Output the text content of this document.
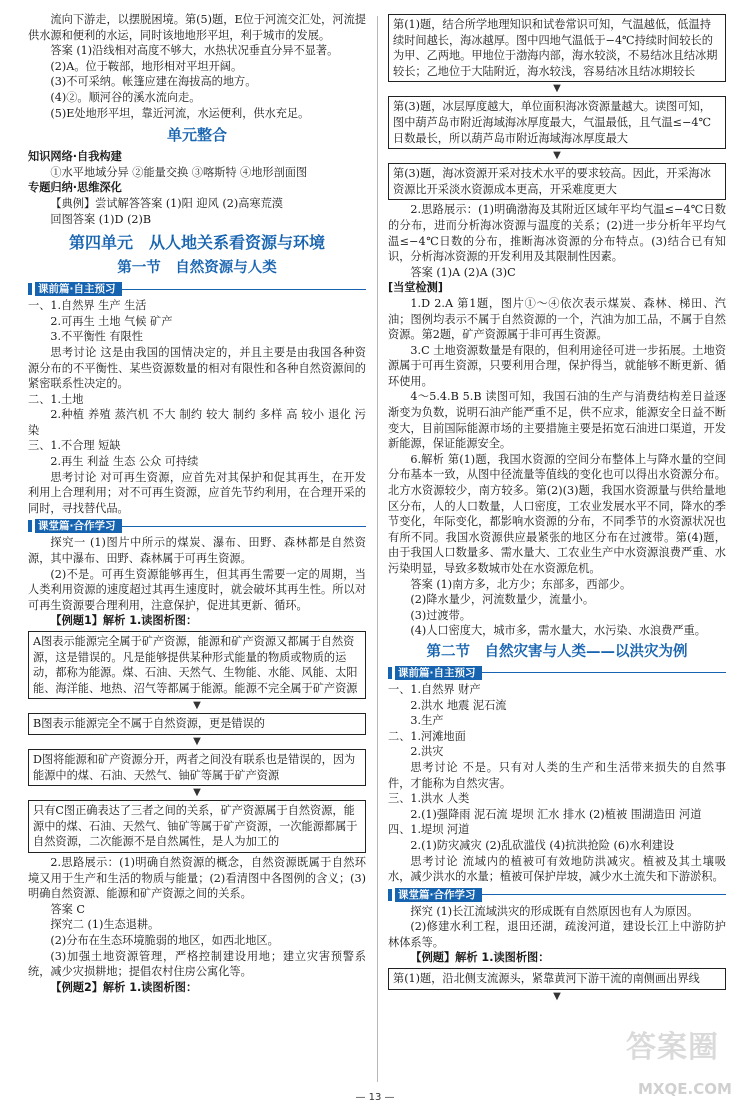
流向下游走，以摆脱困境。第(5)题，E位于河流交汇处，河流提供水源和便利的水运，同时该地地形平坦，利于城市的发展。

答案 (1)沿线相对高度不够大，水热状况垂直分异不显著。

(2)A。位于鞍部，地形相对平坦开阔。

(3)不可采纳。帐篷应建在海拔高的地方。

(4)②。顺河谷的溪水流向走。

(5)E处地形平坦，靠近河流，水运便利，供水充足。

单元整合

知识网络·自我构建

①水平地域分异 ②能量交换 ③喀斯特 ④地形剖面图

专题归纳·思维深化

【典例】尝试解答答案 (1)阳 迎风 (2)高寒荒漠

回图答案 (1)D (2)B

第四单元　从人地关系看资源与环境
第一节　自然资源与人类
课前篇·自主预习

一、1.自然界 生产 生活

2.可再生 土地 气候 矿产

3.不平衡性 有限性

思考讨论 这是由我国的国情决定的，并且主要是由我国各种资源分布的不平衡性、某些资源数量的相对有限性和各种自然资源间的紧密联系性决定的。

二、1.土地

2.种植 养殖 蒸汽机 不大 制约 较大 制约 多样 高 较小 退化 污染

三、1.不合理 短缺

2.再生 利益 生态 公众 可持续

思考讨论 对可再生资源，应首先对其保护和促其再生，在开发利用上合理利用；对不可再生资源，应首先节约利用，在合理开采的同时，寻找替代品。

课堂篇·合作学习

探究一 (1)图片中所示的煤炭、瀑布、田野、森林都是自然资源，其中瀑布、田野、森林属于可再生资源。

(2)不是。可再生资源能够再生，但其再生需要一定的周期，当人类利用资源的速度超过其再生速度时，就会破坏其再生性。所以对可再生资源要合理利用，注意保护，促进其更新、循环。

【例题1】解析 1.读图析图：

A图表示能源完全属于矿产资源，能源和矿产资源又都属于自然资源，这是错误的。凡是能够提供某种形式能量的物质或物质的运动，都称为能源。煤、石油、天然气、生物能、水能、风能、太阳能、海洋能、地热、沼气等都属于能源。能源不完全属于矿产资源
▼
B图表示能源完全不属于自然资源，更是错误的
▼
D图将能源和矿产资源分开，两者之间没有联系也是错误的，因为能源中的煤、石油、天然气、铀矿等属于矿产资源
▼
只有C图正确表达了三者之间的关系，矿产资源属于自然资源，能源中的煤、石油、天然气、铀矿等属于矿产资源，一次能源都属于自然资源，二次能源不是自然属性，是人为加工的

2.思路展示：(1)明确自然资源的概念，自然资源既属于自然环境又用于生产和生活的物质与能量；(2)看清图中各图例的含义；(3)明确自然资源、能源和矿产资源之间的关系。

答案 C

探究二 (1)生态退耕。

(2)分布在生态环境脆弱的地区，如西北地区。

(3)加强土地资源管理，严格控制建设用地；建立灾害预警系统，减少灾损耕地；提倡农村住房公寓化等。

【例题2】解析 1.读图析图：

第(1)题，结合所学地理知识和试卷常识可知，气温越低，低温持续时间越长，海冰越厚。图中四地气温低于−4℃持续时间较长的为甲、乙两地。甲地位于渤海内部，海水较淡，不易结冰且结冰期较长；乙地位于大陆附近，海水较浅，容易结冰且结冰期较长
▼
第(3)题，冰层厚度越大，单位面积海冰资源量越大。读图可知，图中葫芦岛市附近海域海冰厚度最大，气温最低，且气温≤−4℃日数最长，所以葫芦岛市附近海域海冰厚度最大
▼
第(3)题，海冰资源开采对技术水平的要求较高。因此，开采海冰资源比开采淡水资源成本更高，开采难度更大

2.思路展示：(1)明确渤海及其附近区域年平均气温≤−4℃日数的分布，进而分析海冰资源与温度的关系；(2)进一步分析年平均气温≤−4℃日数的分布，推断海冰资源的分布特点。(3)结合已有知识，分析海冰资源的开发利用及其限制性因素。

答案 (1)A (2)A (3)C

[当堂检测]

1.D 2.A 第1题，图片①～④依次表示煤炭、森林、梯田、汽油；图例均表示不属于自然资源的一个，汽油为加工品，不属于自然资源。第2题，矿产资源属于非可再生资源。

3.C 土地资源数量是有限的，但利用途径可进一步拓展。土地资源属于可再生资源，只要利用合理，保护得当，就能够不断更新、循环使用。

4～5.4.B 5.B 读图可知，我国石油的生产与消费结构差日益逐渐变为负数，说明石油产能严重不足，供不应求，能源安全日益不断变大，目前国际能源市场的主要措施主要是拓宽石油进口渠道，开发新能源，保证能源安全。

6.解析 第(1)题，我国水资源的空间分布整体上与降水量的空间分布基本一致，从图中径流量等值线的变化也可以得出水资源分布。北方水资源较少，南方较多。第(2)(3)题，我国水资源量与供给量地区分布，人的人口数量，人口密度，工农业发展水平不同，降水的季节变化，年际变化，都影响水资源的分布，不同季节的水资源状况也有所不同。我国水资源供应最紧张的地区分布在过渡带。第(4)题，由于我国人口数量多、需水量大、工农业生产中水资源浪费严重、水污染明显，导致多数城市处在水资源危机。

答案 (1)南方多，北方少；东部多，西部少。

(2)降水量少，河流数量少，流量小。

(3)过渡带。

(4)人口密度大，城市多，需水量大，水污染、水浪费严重。

第二节　自然灾害与人类——以洪灾为例
课前篇·自主预习

一、1.自然界 财产

2.洪水 地震 泥石流

3.生产

二、1.河滩地面

2.洪灾

思考讨论 不是。只有对人类的生产和生活带来损失的自然事件，才能称为自然灾害。

三、1.洪水 人类

2.(1)强降雨 泥石流 堤坝 汇水 排水 (2)植被 围湖造田 河道

四、1.堤坝 河道

2.(1)防灾减灾 (2)乱砍滥伐 (4)抗洪抢险 (6)水利建设

思考讨论 流域内的植被可有效地防洪减灾。植被及其土壤吸水，减少洪水的水量；植被可保护岸坡，减少水土流失和下游淤积。

课堂篇·合作学习

探究 (1)长江流域洪灾的形成既有自然原因也有人为原因。

(2)修建水利工程，退田还湖，疏浚河道，建设长江上中游防护林体系等。

【例题】解析 1.读图析图：

第(1)题，沿北侧支流源头，紧靠黄河下游干流的南侧画出界线
▼
— 13 —
答案圈
MXQE.COM
